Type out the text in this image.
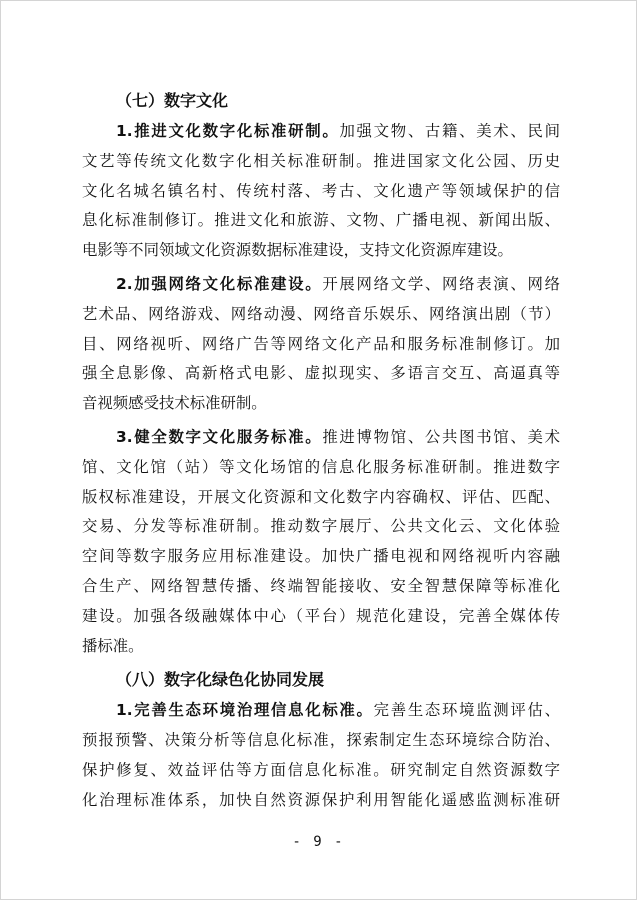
（七）数字文化
1.推进文化数字化标准研制。加强文物、古籍、美术、民间
文艺等传统文化数字化相关标准研制。推进国家文化公园、历史
文化名城名镇名村、传统村落、考古、文化遗产等领域保护的信
息化标准制修订。推进文化和旅游、文物、广播电视、新闻出版、
电影等不同领域文化资源数据标准建设，支持文化资源库建设。
2.加强网络文化标准建设。开展网络文学、网络表演、网络
艺术品、网络游戏、网络动漫、网络音乐娱乐、网络演出剧（节）
目、网络视听、网络广告等网络文化产品和服务标准制修订。加
强全息影像、高新格式电影、虚拟现实、多语言交互、高逼真等
音视频感受技术标准研制。
3.健全数字文化服务标准。推进博物馆、公共图书馆、美术
馆、文化馆（站）等文化场馆的信息化服务标准研制。推进数字
版权标准建设，开展文化资源和文化数字内容确权、评估、匹配、
交易、分发等标准研制。推动数字展厅、公共文化云、文化体验
空间等数字服务应用标准建设。加快广播电视和网络视听内容融
合生产、网络智慧传播、终端智能接收、安全智慧保障等标准化
建设。加强各级融媒体中心（平台）规范化建设，完善全媒体传
播标准。
（八）数字化绿色化协同发展
1.完善生态环境治理信息化标准。完善生态环境监测评估、
预报预警、决策分析等信息化标准，探索制定生态环境综合防治、
保护修复、效益评估等方面信息化标准。研究制定自然资源数字
化治理标准体系，加快自然资源保护利用智能化遥感监测标准研
- 9 -
